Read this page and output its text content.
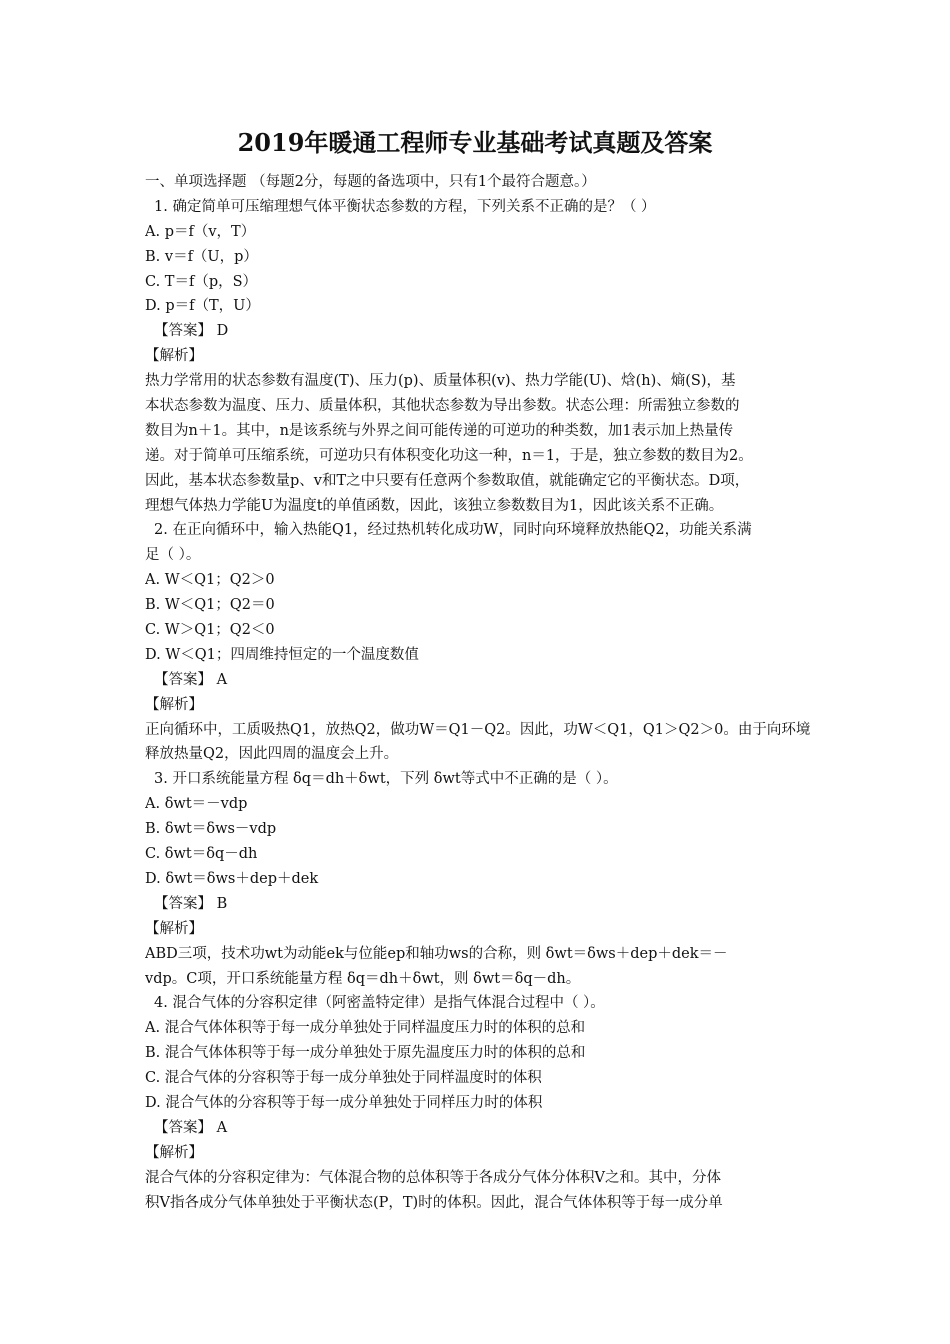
2019年暖通工程师专业基础考试真题及答案
一、单项选择题 （每题2分，每题的备选项中，只有1个最符合题意。）
1. 确定简单可压缩理想气体平衡状态参数的方程，下列关系不正确的是？（ ）
A. p＝f（v，T）
B. v＝f（U，p）
C. T＝f（p，S）
D. p＝f（T，U）
【答案】 D
【解析】
热力学常用的状态参数有温度(T)、压力(p)、质量体积(v)、热力学能(U)、焓(h)、熵(S)，基
本状态参数为温度、压力、质量体积，其他状态参数为导出参数。状态公理：所需独立参数的
数目为n＋1。其中，n是该系统与外界之间可能传递的可逆功的种类数，加1表示加上热量传
递。对于简单可压缩系统，可逆功只有体积变化功这一种，n＝1，于是，独立参数的数目为2。
因此，基本状态参数量p、v和T之中只要有任意两个参数取值，就能确定它的平衡状态。D项，
理想气体热力学能U为温度t的单值函数，因此，该独立参数数目为1，因此该关系不正确。
2. 在正向循环中，输入热能Q1，经过热机转化成功W，同时向环境释放热能Q2，功能关系满
足（ ）。
A. W＜Q1；Q2＞0
B. W＜Q1；Q2＝0
C. W＞Q1；Q2＜0
D. W＜Q1；四周维持恒定的一个温度数值
【答案】 A
【解析】
正向循环中，工质吸热Q1，放热Q2，做功W＝Q1－Q2。因此，功W＜Q1，Q1＞Q2＞0。由于向环境
释放热量Q2，因此四周的温度会上升。
3. 开口系统能量方程 δq＝dh＋δwt，下列 δwt等式中不正确的是（ ）。
A. δwt＝－vdp
B. δwt＝δws－vdp
C. δwt＝δq－dh
D. δwt＝δws＋dep＋dek
【答案】 B
【解析】
ABD三项，技术功wt为动能ek与位能ep和轴功ws的合称，则 δwt＝δws＋dep＋dek＝－
vdp。C项，开口系统能量方程 δq＝dh＋δwt，则 δwt＝δq－dh。
4. 混合气体的分容积定律（阿密盖特定律）是指气体混合过程中（ ）。
A. 混合气体体积等于每一成分单独处于同样温度压力时的体积的总和
B. 混合气体体积等于每一成分单独处于原先温度压力时的体积的总和
C. 混合气体的分容积等于每一成分单独处于同样温度时的体积
D. 混合气体的分容积等于每一成分单独处于同样压力时的体积
【答案】 A
【解析】
混合气体的分容积定律为：气体混合物的总体积等于各成分气体分体积V之和。其中，分体
积V指各成分气体单独处于平衡状态(P，T)时的体积。因此，混合气体体积等于每一成分单
